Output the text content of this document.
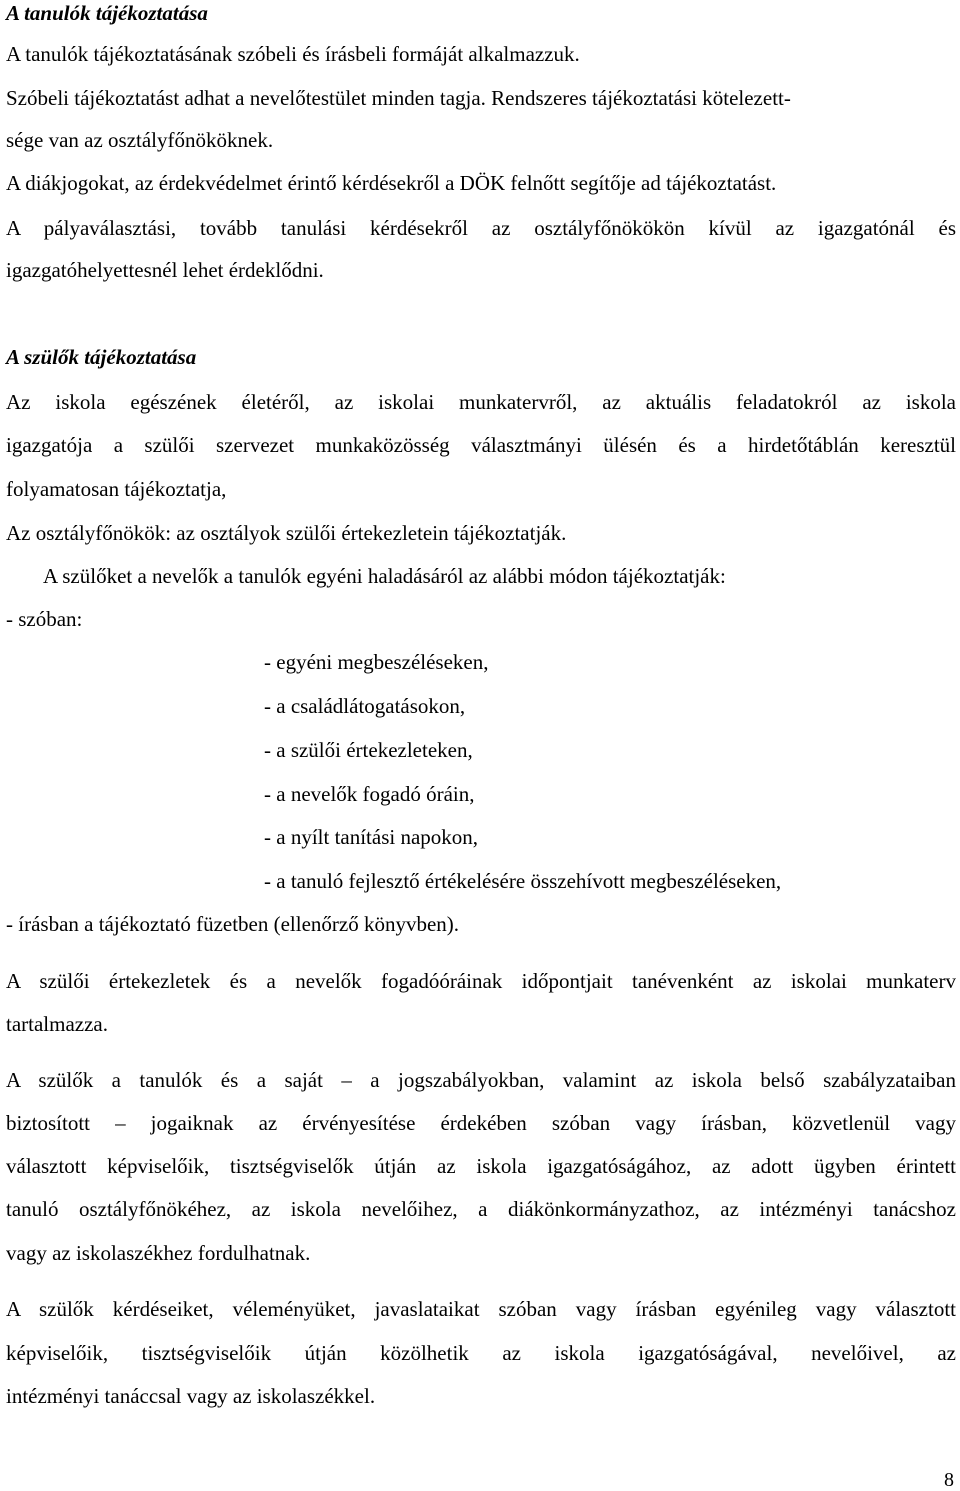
A tanulók tájékoztatása
A tanulók tájékoztatásának szóbeli és írásbeli formáját alkalmazzuk.
Szóbeli tájékoztatást adhat a nevelőtestület minden tagja. Rendszeres tájékoztatási kötelezett-
sége van az osztályfőnököknek.
A diákjogokat, az érdekvédelmet érintő kérdésekről a DÖK felnőtt segítője ad tájékoztatást.
A pályaválasztási, tovább tanulási kérdésekről az osztályfőnökökön kívül az igazgatónál és
igazgatóhelyettesnél lehet érdeklődni.
A szülők tájékoztatása
Az iskola egészének életéről, az iskolai munkatervről, az aktuális feladatokról az iskola
igazgatója a szülői szervezet munkaközösség választmányi ülésén és a hirdetőtáblán keresztül
folyamatosan tájékoztatja,
Az osztályfőnökök: az osztályok szülői értekezletein tájékoztatják.
A szülőket a nevelők a tanulók egyéni haladásáról az alábbi módon tájékoztatják:
- szóban:
- egyéni megbeszéléseken,
- a családlátogatásokon,
- a szülői értekezleteken,
- a nevelők fogadó óráin,
- a nyílt tanítási napokon,
- a tanuló fejlesztő értékelésére összehívott megbeszéléseken,
- írásban a tájékoztató füzetben (ellenőrző könyvben).
A szülői értekezletek és a nevelők fogadóóráinak időpontjait tanévenként az iskolai munkaterv
tartalmazza.
A szülők a tanulók és a saját – a jogszabályokban, valamint az iskola belső szabályzataiban
biztosított – jogaiknak az érvényesítése érdekében szóban vagy írásban, közvetlenül vagy
választott képviselőik, tisztségviselők útján az iskola igazgatóságához, az adott ügyben érintett
tanuló osztályfőnökéhez, az iskola nevelőihez, a diákönkormányzathoz, az intézményi tanácshoz
vagy az iskolaszékhez fordulhatnak.
A szülők kérdéseiket, véleményüket, javaslataikat szóban vagy írásban egyénileg vagy választott
képviselőik, tisztségviselőik útján közölhetik az iskola igazgatóságával, nevelőivel, az
intézményi tanáccsal vagy az iskolaszékkel.
8
